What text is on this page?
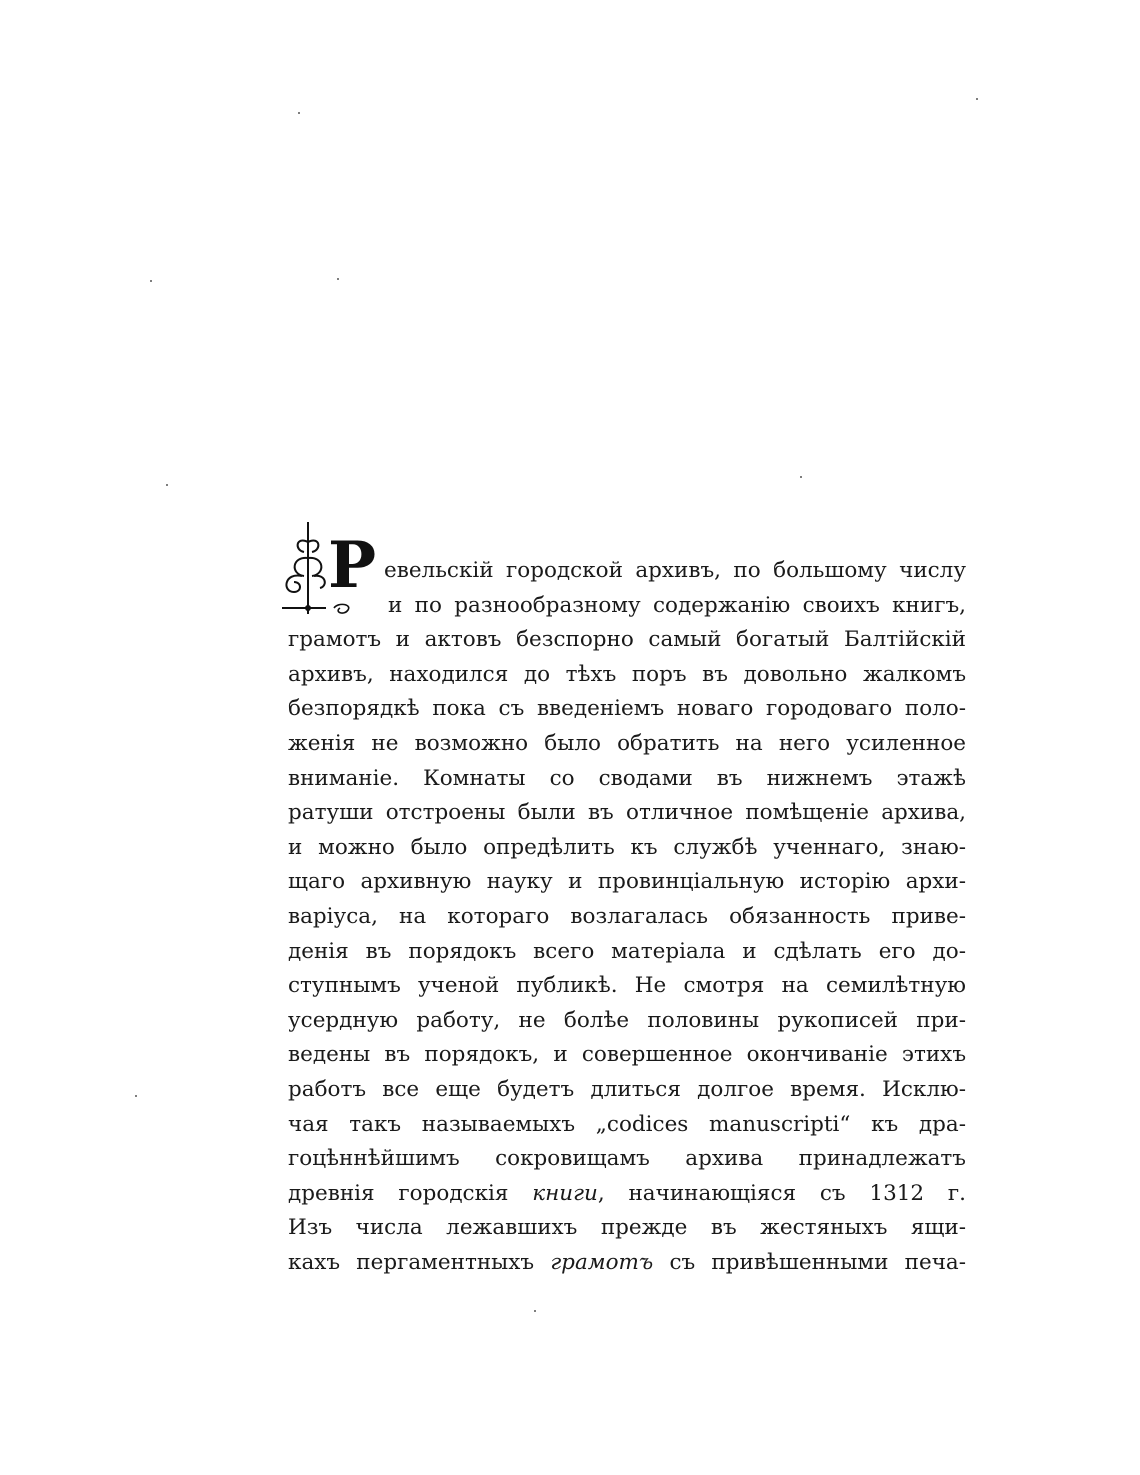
Р евельскій городской архивъ, по большому числу
и по разнообразному содержанію своихъ книгъ,
грамотъ и актовъ безспорно самый богатый Балтійскій
архивъ, находился до тѣхъ поръ въ довольно жалкомъ
безпорядкѣ пока съ введеніемъ новаго городоваго поло-
женія не возможно было обратить на него усиленное
вниманіе. Комнаты со сводами въ нижнемъ этажѣ
ратуши отстроены были въ отличное помѣщеніе архива,
и можно было опредѣлить къ службѣ ученнаго, знаю-
щаго архивную науку и провинціальную исторію архи-
варіуса, на котораго возлагалась обязанность приве-
денія въ порядокъ всего матеріала и сдѣлать его до-
ступнымъ ученой публикѣ. Не смотря на семилѣтную
усердную работу, не болѣе половины рукописей при-
ведены въ порядокъ, и совершенное окончиваніе этихъ
работъ все еще будетъ длиться долгое время. Исклю-
чая такъ называемыхъ „codices manuscripti“ къ дра-
гоцѣннѣйшимъ сокровищамъ архива принадлежатъ
древнія городскія книги, начинающіяся съ 1312 г.
Изъ числа лежавшихъ прежде въ жестяныхъ ящи-
кахъ пергаментныхъ грамотъ съ привѣшенными печа-
